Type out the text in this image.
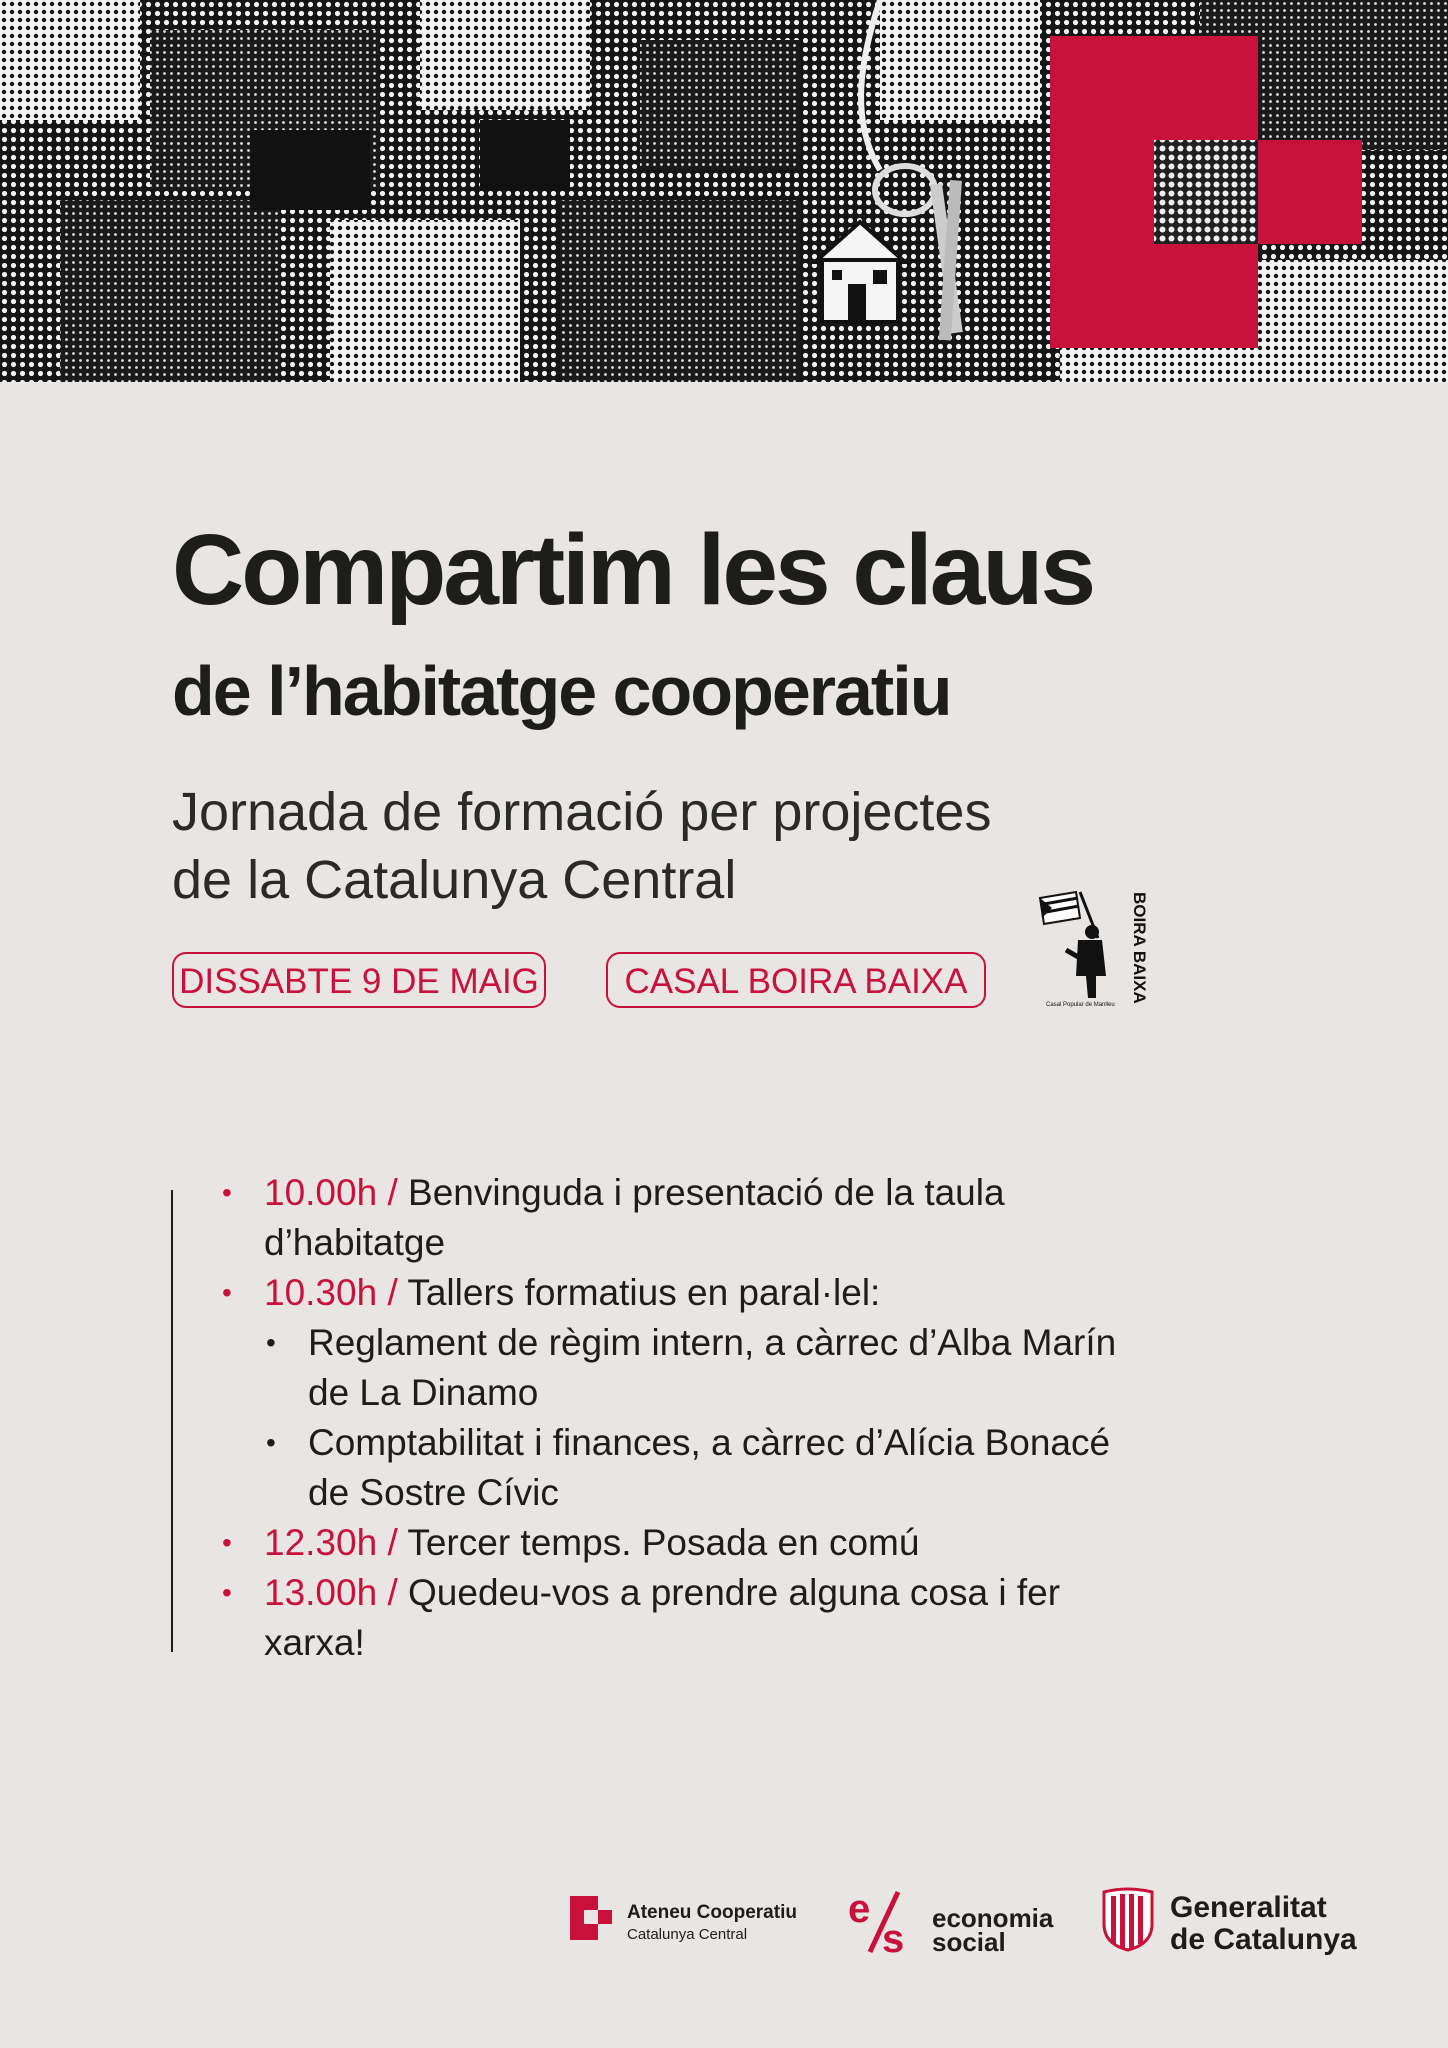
Compartim les claus
de l’habitatge cooperatiu
Jornada de formació per projectes
de la Catalunya Central
DISSABTE 9 DE MAIG	CASAL BOIRA BAIXA
Casal Popular de Manlleu
BOIRA BAIXA
• 10.00h / Benvinguda i presentació de la taula d’habitatge
• 10.30h / Tallers formatius en paral·lel:
• Reglament de règim intern, a càrrec d’Alba Marín de La Dinamo
• Comptabilitat i finances, a càrrec d’Alícia Bonacé de Sostre Cívic
• 12.30h / Tercer temps. Posada en comú
• 13.00h / Quedeu-vos a prendre alguna cosa i fer xarxa!
Ateneu Cooperatiu
Catalunya Central
e
s economia
social
Generalitat
de Catalunya
